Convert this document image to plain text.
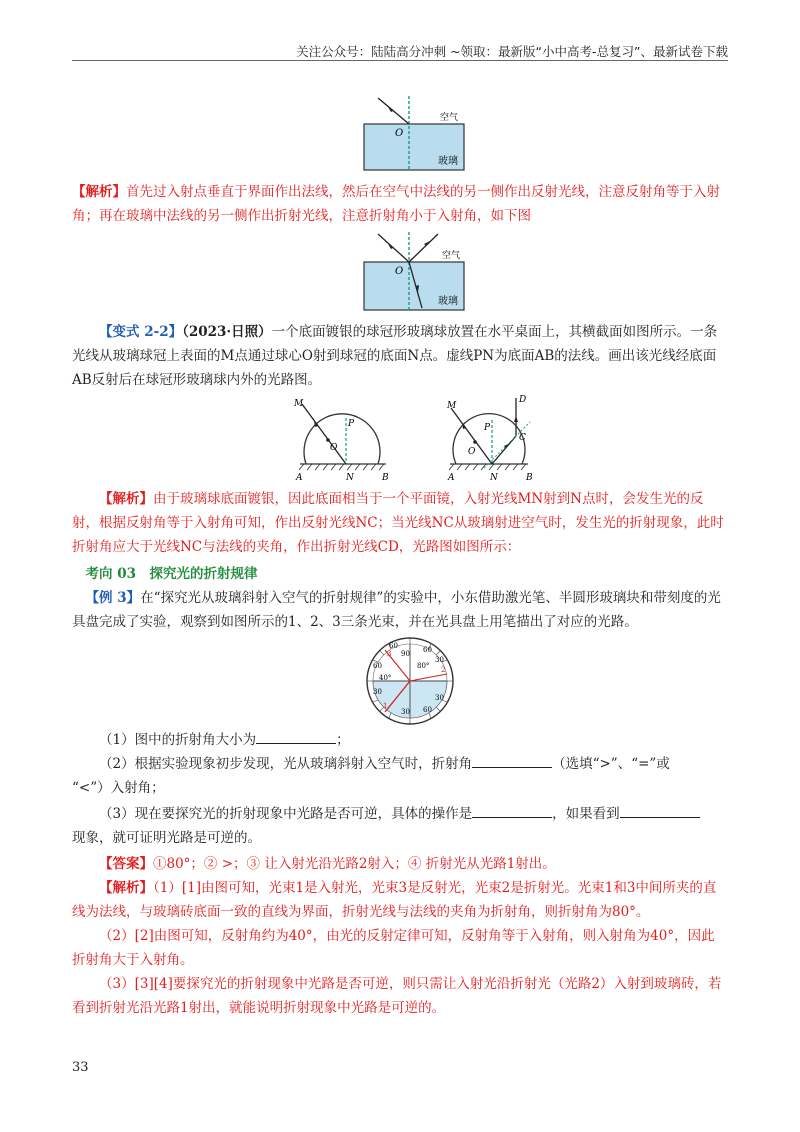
关注公众号：陆陆高分冲刺 ~领取：最新版“小中高考-总复习”、最新试卷下载
O
空气
玻璃
【解析】首先过入射点垂直于界面作出法线，然后在空气中法线的另一侧作出反射光线，注意反射角等于入射角；再在玻璃中法线的另一侧作出折射光线，注意折射角小于入射角，如下图
O
空气
玻璃
【变式 2-2】（2023·日照）一个底面镀银的球冠形玻璃球放置在水平桌面上，其横截面如图所示。一条光线从玻璃球冠上表面的M点通过球心O射到球冠的底面N点。虚线PN为底面AB的法线。画出该光线经底面AB反射后在球冠形玻璃球内外的光路图。
M
P
O
A	N	B
M
P
D
C
O
A	N	B
【解析】由于玻璃球底面镀银，因此底面相当于一个平面镜，入射光线MN射到N点时，会发生光的反射，根据反射角等于入射角可知，作出反射光线NC；当光线NC从玻璃射进空气时，发生光的折射现象，此时折射角应大于光线NC与法线的夹角，作出折射光线CD，光路图如图所示：
考向 03　探究光的折射规律
【例 3】在“探究光从玻璃斜射入空气的折射规律”的实验中，小东借助激光笔、半圆形玻璃块和带刻度的光具盘完成了实验，观察到如图所示的1、2、3三条光束，并在光具盘上用笔描出了对应的光路。
60
90 60
30
80°
60
40°
30
30
30
60
1
2
3
（1）图中的折射角大小为	；
（2）根据实验现象初步发现，光从玻璃斜射入空气时，折射角	（选填“>”、“=”或
“<”）入射角；
（3）现在要探究光的折射现象中光路是否可逆，具体的操作是	，如果看到
现象，就可证明光路是可逆的。
【答案】①80°；② >；③ 让入射光沿光路2射入；④ 折射光从光路1射出。
【解析】（1）[1]由图可知，光束1是入射光，光束3是反射光，光束2是折射光。光束1和3中间所夹的直线为法线，与玻璃砖底面一致的直线为界面，折射光线与法线的夹角为折射角，则折射角为80°。
（2）[2]由图可知，反射角约为40°，由光的反射定律可知，反射角等于入射角，则入射角为40°，因此折射角大于入射角。
（3）[3][4]要探究光的折射现象中光路是否可逆，则只需让入射光沿折射光（光路2）入射到玻璃砖，若看到折射光沿光路1射出，就能说明折射现象中光路是可逆的。
33
